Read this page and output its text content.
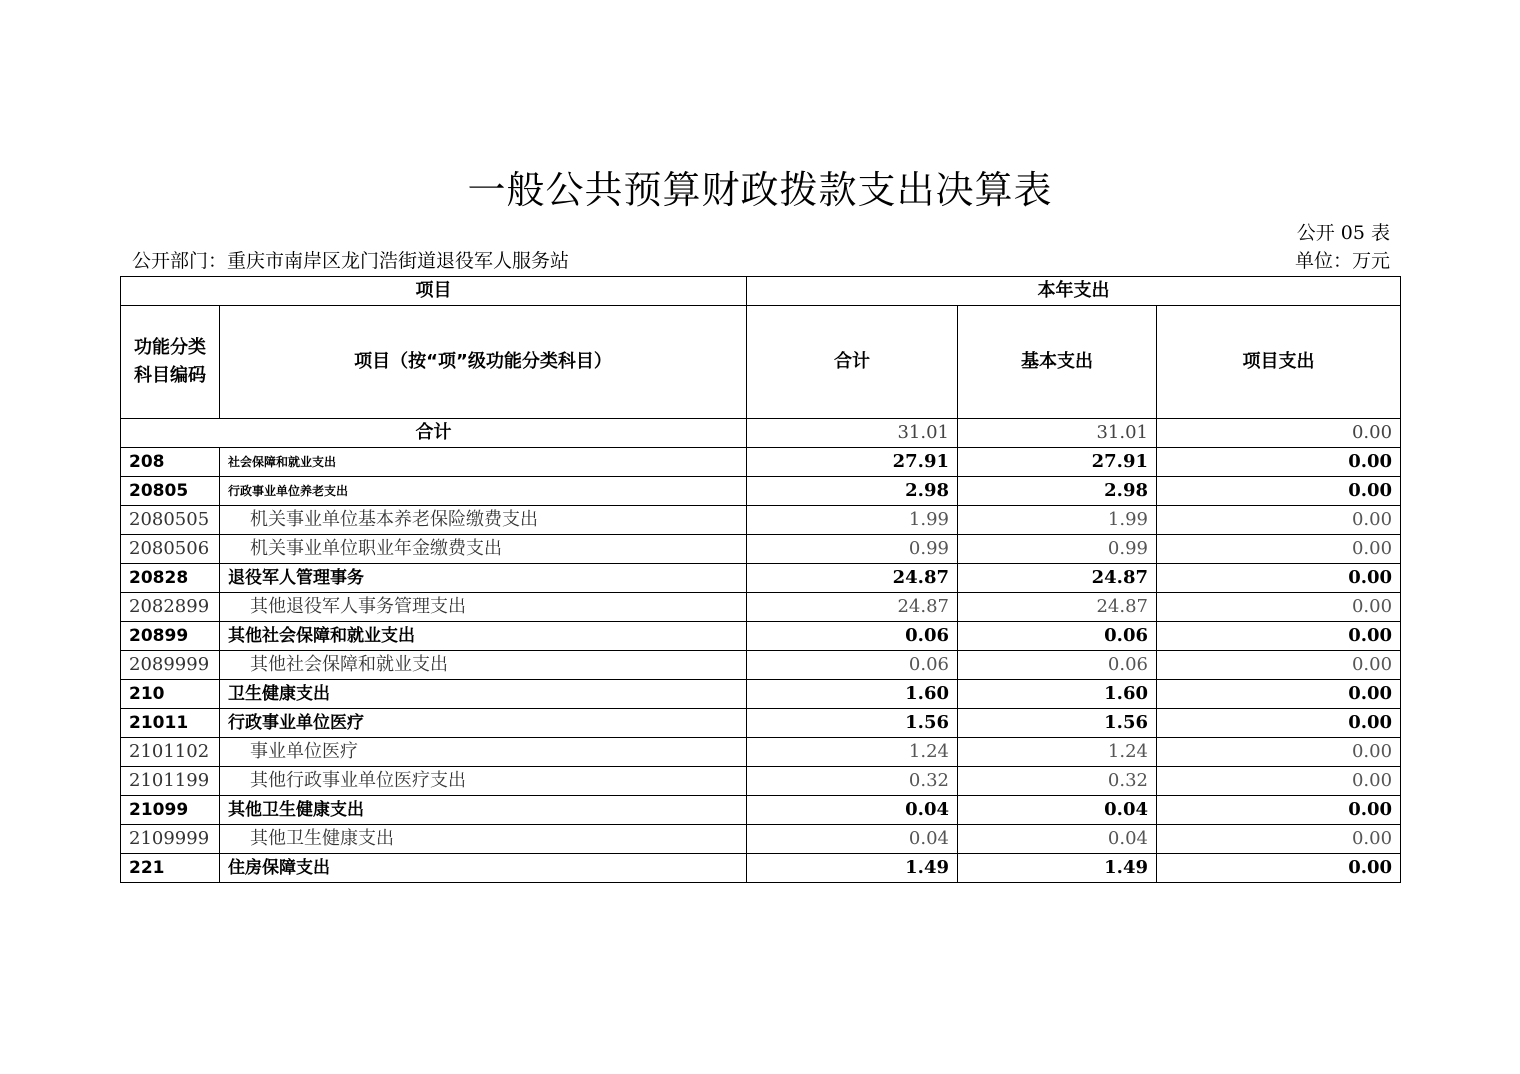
一般公共预算财政拨款支出决算表
公开 05 表
公开部门：重庆市南岸区龙门浩街道退役军人服务站	单位：万元
项目		本年支出		
功能分类科目编码	项目（按“项”级功能分类科目）	合计	基本支出	项目支出
合计		31.01	31.01	0.00
208	社会保障和就业支出	27.91	27.91	0.00
20805	行政事业单位养老支出	2.98	2.98	0.00
2080505	机关事业单位基本养老保险缴费支出	1.99	1.99	0.00
2080506	机关事业单位职业年金缴费支出	0.99	0.99	0.00
20828	退役军人管理事务	24.87	24.87	0.00
2082899	其他退役军人事务管理支出	24.87	24.87	0.00
20899	其他社会保障和就业支出	0.06	0.06	0.00
2089999	其他社会保障和就业支出	0.06	0.06	0.00
210	卫生健康支出	1.60	1.60	0.00
21011	行政事业单位医疗	1.56	1.56	0.00
2101102	事业单位医疗	1.24	1.24	0.00
2101199	其他行政事业单位医疗支出	0.32	0.32	0.00
21099	其他卫生健康支出	0.04	0.04	0.00
2109999	其他卫生健康支出	0.04	0.04	0.00
221	住房保障支出	1.49	1.49	0.00
